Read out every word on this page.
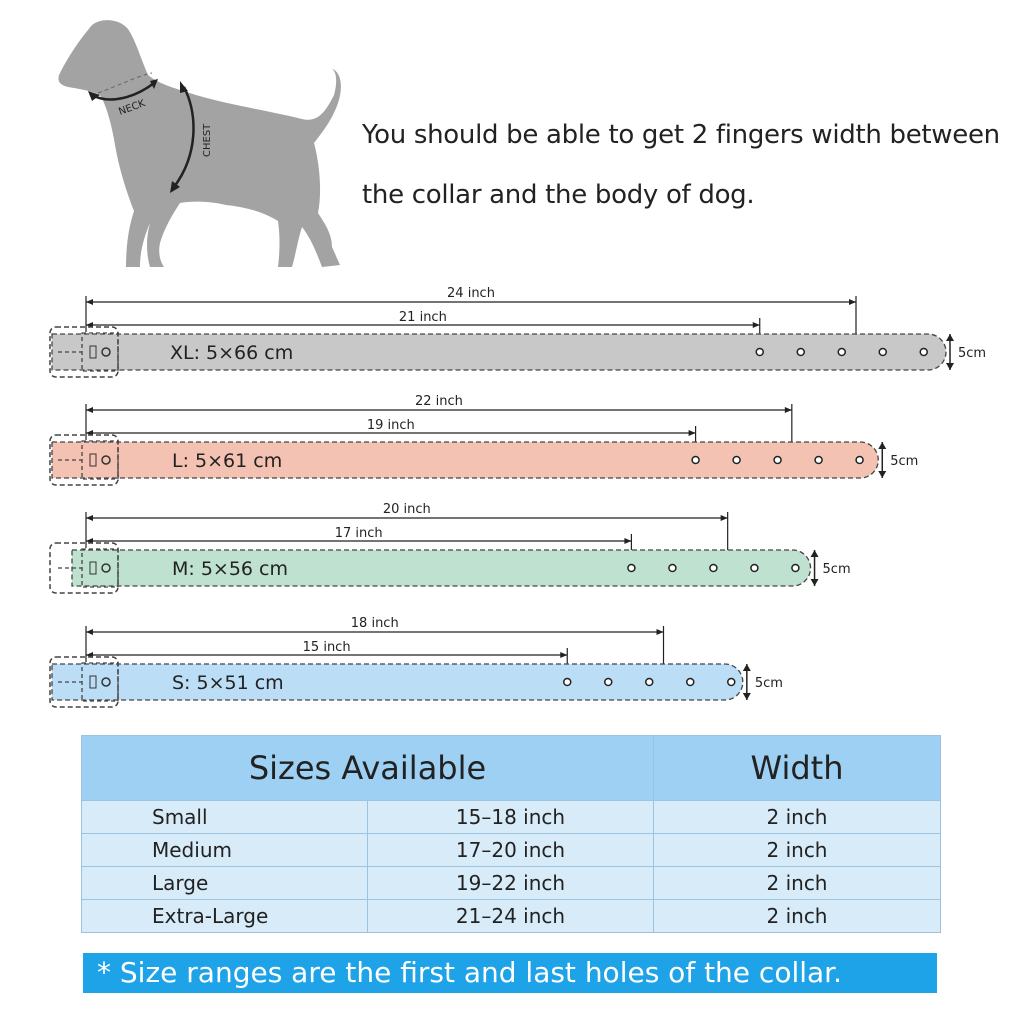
NECK
CHEST	You should be able to get 2 fingers width between
the collar and the body of dog.
24 inch
21 inch
XL: 5×66 cm	5cm
22 inch
19 inch
L: 5×61 cm	5cm
20 inch
17 inch
M: 5×56 cm	5cm
18 inch
15 inch
S: 5×51 cm	5cm
Sizes Available		Width
Small	15–18 inch	2 inch
Medium	17–20 inch	2 inch
Large	19–22 inch	2 inch
Extra-Large	21–24 inch	2 inch
* Size ranges are the first and last holes of the collar.
